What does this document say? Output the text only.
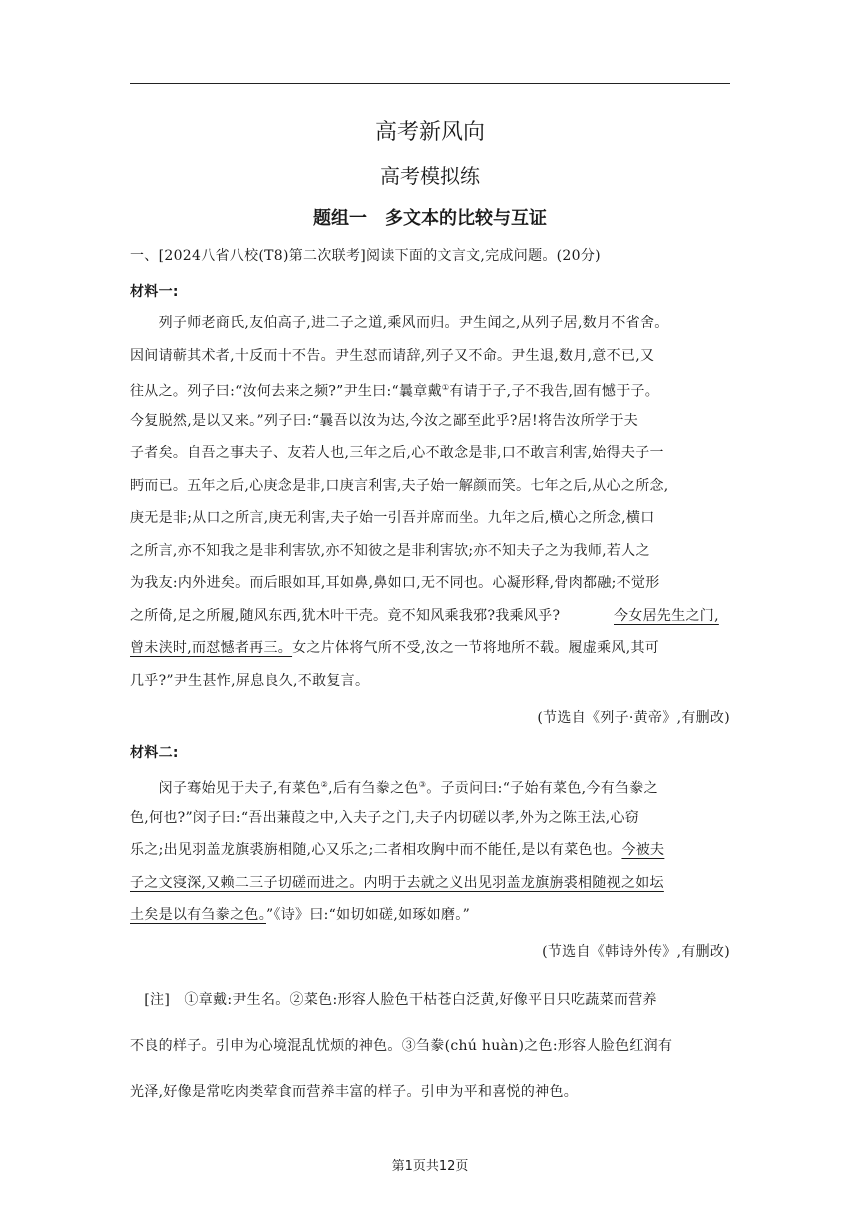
高考新风向
高考模拟练
题组一　多文本的比较与互证
一、[2024八省八校(T8)第二次联考]阅读下面的文言文,完成问题。(20分)
材料一:
　　列子师老商氏,友伯高子,进二子之道,乘风而归。尹生闻之,从列子居,数月不省舍。
因间请蕲其术者,十反而十不告。尹生怼而请辞,列子又不命。尹生退,数月,意不已,又
往从之。列子曰:“汝何去来之频?”尹生曰:“曩章戴①有请于子,子不我告,固有憾于子。
今复脱然,是以又来。”列子曰:“曩吾以汝为达,今汝之鄙至此乎?居!将告汝所学于夫
子者矣。自吾之事夫子、友若人也,三年之后,心不敢念是非,口不敢言利害,始得夫子一
眄而已。五年之后,心庚念是非,口庚言利害,夫子始一解颜而笑。七年之后,从心之所念,
庚无是非;从口之所言,庚无利害,夫子始一引吾并席而坐。九年之后,横心之所念,横口
之所言,亦不知我之是非利害欤,亦不知彼之是非利害欤;亦不知夫子之为我师,若人之
为我友:内外进矣。而后眼如耳,耳如鼻,鼻如口,无不同也。心凝形释,骨肉都融;不觉形
之所倚,足之所履,随风东西,犹木叶干壳。竟不知风乘我邪?我乘风乎?	今女居先生之门,
曾未浃时,而怼憾者再三。女之片体将气所不受,汝之一节将地所不载。履虚乘风,其可
几乎?”尹生甚怍,屏息良久,不敢复言。
(节选自《列子·黄帝》,有删改)
材料二:
　　闵子骞始见于夫子,有菜色②,后有刍豢之色③。子贡问曰:“子始有菜色,今有刍豢之
色,何也?”闵子曰:“吾出蒹葭之中,入夫子之门,夫子内切磋以孝,外为之陈王法,心窃
乐之;出见羽盖龙旗裘旃相随,心又乐之;二者相攻胸中而不能任,是以有菜色也。今被夫
子之文寖深,又赖二三子切磋而进之。内明于去就之义出见羽盖龙旗旃裘相随视之如坛
土矣是以有刍豢之色。”《诗》曰:“如切如磋,如琢如磨。”
(节选自《韩诗外传》,有删改)
　[注]　①章戴:尹生名。②菜色:形容人脸色干枯苍白泛黄,好像平日只吃蔬菜而营养
不良的样子。引申为心境混乱忧烦的神色。③刍豢(chú huàn)之色:形容人脸色红润有
光泽,好像是常吃肉类荤食而营养丰富的样子。引申为平和喜悦的神色。
第1页共12页
